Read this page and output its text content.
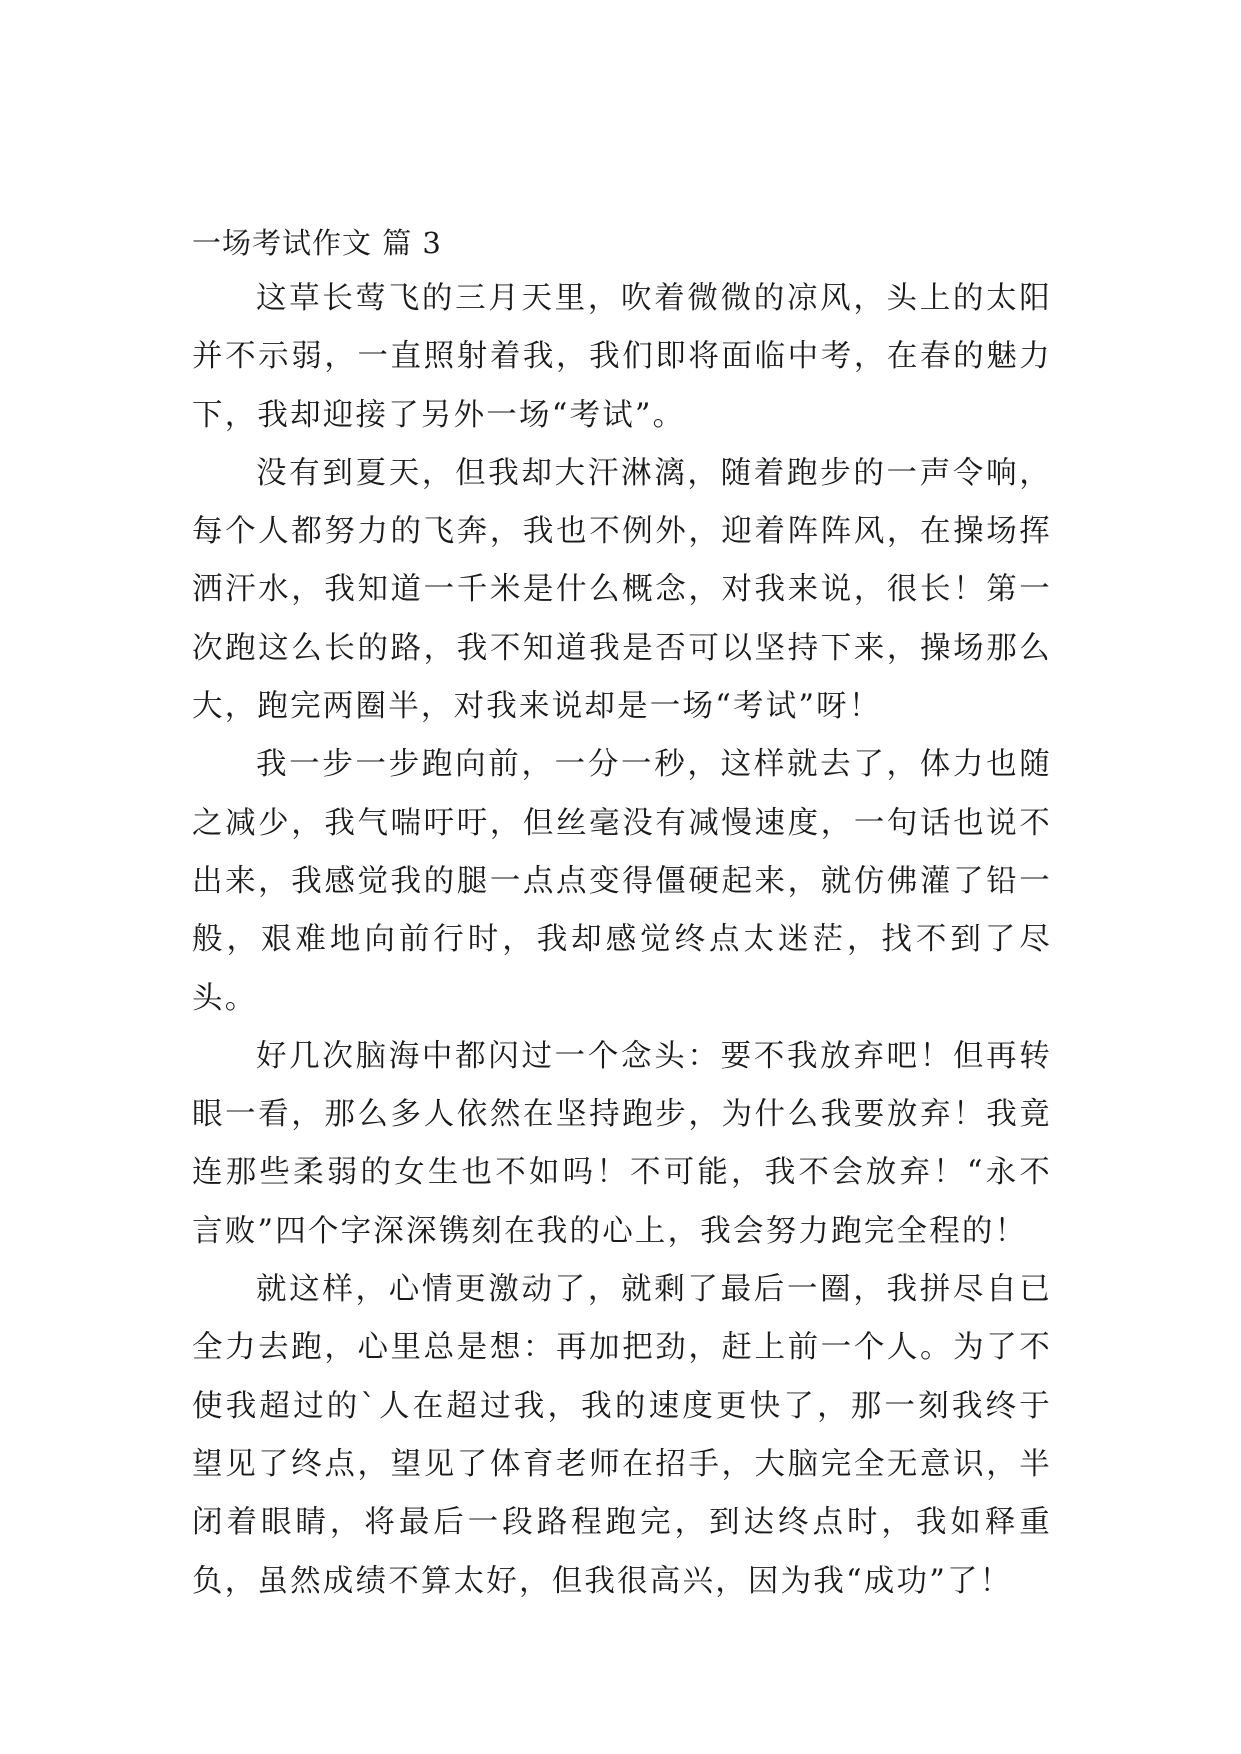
一场考试作文 篇 3

这草长莺飞的三月天里，吹着微微的凉风，头上的太阳并不示弱，一直照射着我，我们即将面临中考，在春的魅力下，我却迎接了另外一场“考试”。

没有到夏天，但我却大汗淋漓，随着跑步的一声令响，每个人都努力的飞奔，我也不例外，迎着阵阵风，在操场挥洒汗水，我知道一千米是什么概念，对我来说，很长！第一次跑这么长的路，我不知道我是否可以坚持下来，操场那么大，跑完两圈半，对我来说却是一场“考试”呀！

我一步一步跑向前，一分一秒，这样就去了，体力也随之减少，我气喘吁吁，但丝毫没有减慢速度，一句话也说不出来，我感觉我的腿一点点变得僵硬起来，就仿佛灌了铅一般，艰难地向前行时，我却感觉终点太迷茫，找不到了尽头。

好几次脑海中都闪过一个念头：要不我放弃吧！但再转眼一看，那么多人依然在坚持跑步，为什么我要放弃！我竟连那些柔弱的女生也不如吗！不可能，我不会放弃！“永不言败”四个字深深镌刻在我的心上，我会努力跑完全程的！

就这样，心情更激动了，就剩了最后一圈，我拼尽自已全力去跑，心里总是想：再加把劲，赶上前一个人。为了不使我超过的`人在超过我，我的速度更快了，那一刻我终于望见了终点，望见了体育老师在招手，大脑完全无意识，半闭着眼睛，将最后一段路程跑完，到达终点时，我如释重负，虽然成绩不算太好，但我很高兴，因为我“成功”了！
